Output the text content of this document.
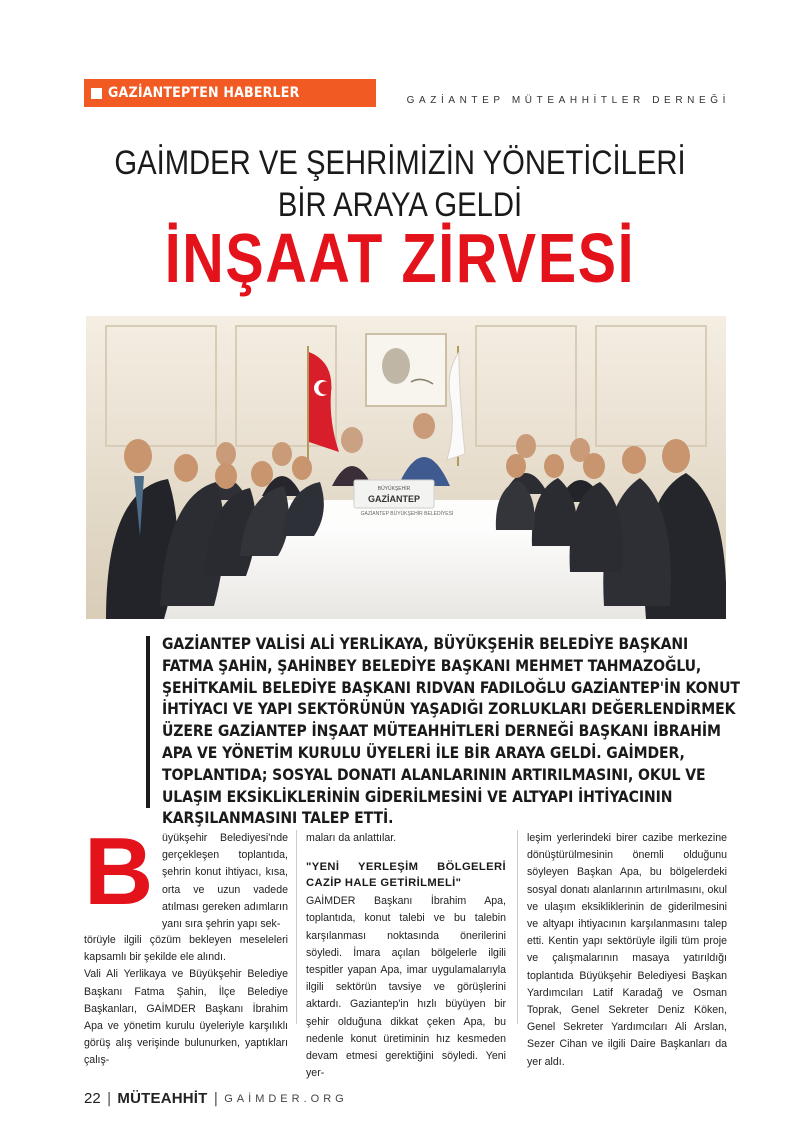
GAZİANTEPTEN HABERLER	GAZİANTEP MÜTEAHHİTLER DERNEĞİ
GAİMDER VE ŞEHRİMİZİN YÖNETİCİLERİ
BİR ARAYA GELDİ
İNŞAAT ZİRVESİ
GAZİANTEP BÜYÜKŞEHİR BELEDİYESİ
BÜYÜKŞEHİR
GAZİANTEP
GAZİANTEP VALİSİ ALİ YERLİKAYA, BÜYÜKŞEHİR BELEDİYE BAŞKANI FATMA ŞAHİN, ŞAHİNBEY BELEDİYE BAŞKANI MEHMET TAHMAZOĞLU, ŞEHİTKAMİL BELEDİYE BAŞKANI RIDVAN FADILOĞLU GAZİANTEP'İN KONUT İHTİYACI VE YAPI SEKTÖRÜNÜN YAŞADIĞI ZORLUKLARI DEĞERLENDİRMEK ÜZERE GAZİANTEP İNŞAAT MÜTEAHHİTLERİ DERNEĞİ BAŞKANI İBRAHİM APA VE YÖNETİM KURULU ÜYELERİ İLE BİR ARAYA GELDİ. GAİMDER, TOPLANTIDA; SOSYAL DONATI ALANLARININ ARTIRILMASINI, OKUL VE ULAŞIM EKSİKLİKLERİNİN GİDERİLMESİNİ VE ALTYAPI İHTİYACININ KARŞILANMASINI TALEP ETTİ.
B üyükşehir Belediyesi'nde gerçekleşen toplantıda, şehrin konut ihtiyacı, kısa, orta ve uzun vadede atılması gereken adımların yanı sıra şehrin yapı sek-

törüyle ilgili çözüm bekleyen meseleleri kapsamlı bir şekilde ele alındı.

Vali Ali Yerlikaya ve Büyükşehir Belediye Başkanı Fatma Şahin, İlçe Belediye Başkanları, GAİMDER Başkanı İbrahim Apa ve yönetim kurulu üyeleriyle karşılıklı görüş alış verişinde bulunurken, yaptıkları çalış-

maları da anlattılar.

"YENİ YERLEŞİM BÖLGELERİ CAZİP HALE GETİRİLMELİ"

GAİMDER Başkanı İbrahim Apa, toplantıda, konut talebi ve bu talebin karşılanması noktasında önerilerini söyledi. İmara açılan bölgelerle ilgili tespitler yapan Apa, imar uygulamalarıyla ilgili sektörün tavsiye ve görüşlerini aktardı. Gaziantep'in hızlı büyüyen bir şehir olduğuna dikkat çeken Apa, bu nedenle konut üretiminin hız kesmeden devam etmesi gerektiğini söyledi. Yeni yer-

leşim yerlerindeki birer cazibe merkezine dönüştürülmesinin önemli olduğunu söyleyen Başkan Apa, bu bölgelerdeki sosyal donatı alanlarının artırılmasını, okul ve ulaşım eksikliklerinin de giderilmesini ve altyapı ihtiyacının karşılanmasını talep etti. Kentin yapı sektörüyle ilgili tüm proje ve çalışmalarının masaya yatırıldığı toplantıda Büyükşehir Belediyesi Başkan Yardımcıları Latif Karadağ ve Osman Toprak, Genel Sekreter Deniz Köken, Genel Sekreter Yardımcıları Ali Arslan, Sezer Cihan ve ilgili Daire Başkanları da yer aldı.

22 | MÜTEAHHİT | GAİMDER.ORG
